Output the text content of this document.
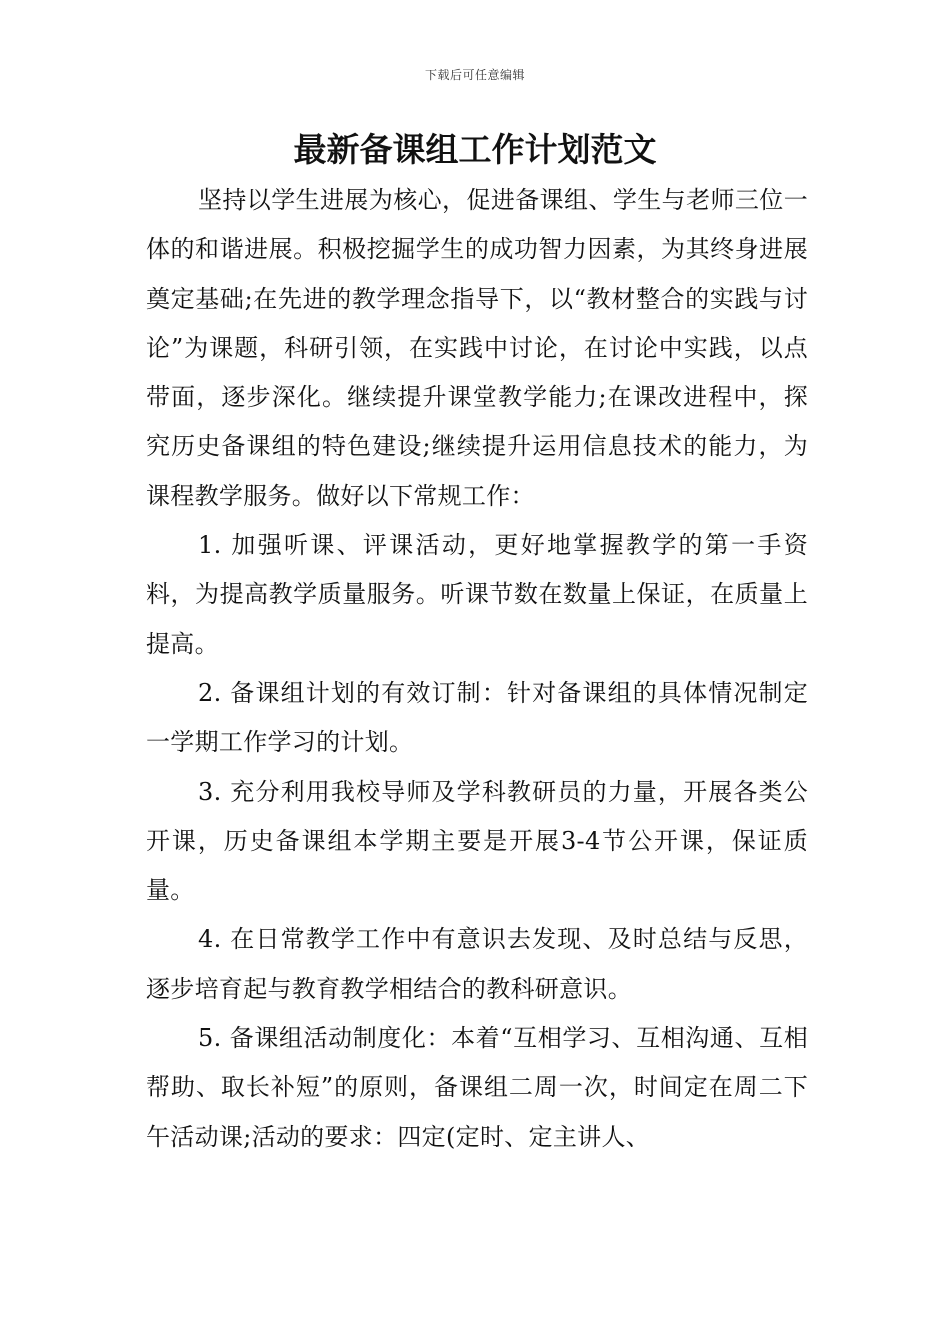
下载后可任意编辑
最新备课组工作计划范文

坚持以学生进展为核心，促进备课组、学生与老师三位一体的和谐进展。积极挖掘学生的成功智力因素，为其终身进展奠定基础;在先进的教学理念指导下，以“教材整合的实践与讨论”为课题，科研引领，在实践中讨论，在讨论中实践，以点带面，逐步深化。继续提升课堂教学能力;在课改进程中，探究历史备课组的特色建设;继续提升运用信息技术的能力，为课程教学服务。做好以下常规工作：

1. 加强听课、评课活动，更好地掌握教学的第一手资料，为提高教学质量服务。听课节数在数量上保证，在质量上提高。

2. 备课组计划的有效订制：针对备课组的具体情况制定一学期工作学习的计划。

3. 充分利用我校导师及学科教研员的力量，开展各类公开课，历史备课组本学期主要是开展3-4节公开课，保证质量。

4. 在日常教学工作中有意识去发现、及时总结与反思，逐步培育起与教育教学相结合的教科研意识。

5. 备课组活动制度化：本着“互相学习、互相沟通、互相帮助、取长补短”的原则，备课组二周一次，时间定在周二下午活动课;活动的要求：四定(定时、定主讲人、
